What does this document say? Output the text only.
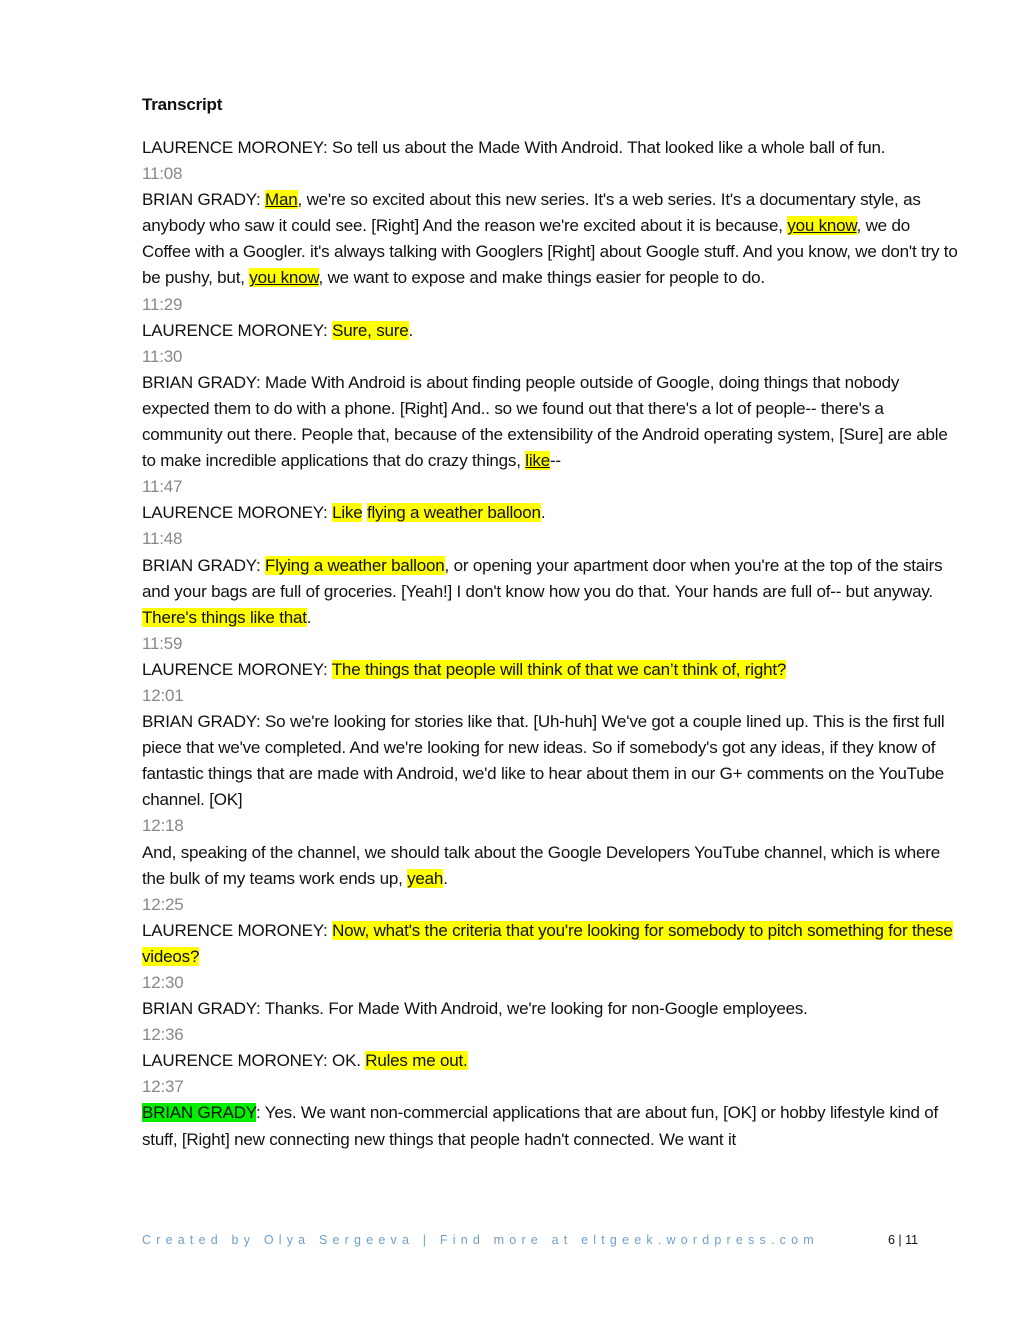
Transcript
LAURENCE MORONEY: So tell us about the Made With Android. That looked like a whole ball of fun.
11:08
BRIAN GRADY: Man, we're so excited about this new series. It's a web series. It's a documentary style, as anybody who saw it could see. [Right] And the reason we're excited about it is because, you know, we do Coffee with a Googler. it's always talking with Googlers [Right] about Google stuff. And you know, we don't try to be pushy, but, you know, we want to expose and make things easier for people to do.
11:29
LAURENCE MORONEY: Sure, sure.
11:30
BRIAN GRADY: Made With Android is about finding people outside of Google, doing things that nobody expected them to do with a phone. [Right] And.. so we found out that there's a lot of people-- there's a community out there. People that, because of the extensibility of the Android operating system, [Sure] are able to make incredible applications that do crazy things, like--
11:47
LAURENCE MORONEY: Like flying a weather balloon.
11:48
BRIAN GRADY: Flying a weather balloon, or opening your apartment door when you're at the top of the stairs and your bags are full of groceries. [Yeah!] I don't know how you do that. Your hands are full of-- but anyway. There's things like that.
11:59
LAURENCE MORONEY: The things that people will think of that we can’t think of, right?
12:01
BRIAN GRADY: So we're looking for stories like that. [Uh-huh] We've got a couple lined up. This is the first full piece that we've completed. And we're looking for new ideas. So if somebody's got any ideas, if they know of fantastic things that are made with Android, we'd like to hear about them in our G+ comments on the YouTube channel. [OK]
12:18
And, speaking of the channel, we should talk about the Google Developers YouTube channel, which is where the bulk of my teams work ends up, yeah.
12:25
LAURENCE MORONEY: Now, what's the criteria that you're looking for somebody to pitch something for these videos?
12:30
BRIAN GRADY: Thanks. For Made With Android, we're looking for non-Google employees.
12:36
LAURENCE MORONEY: OK. Rules me out.
12:37
BRIAN GRADY: Yes. We want non-commercial applications that are about fun, [OK] or hobby lifestyle kind of stuff, [Right] new connecting new things that people hadn't connected. We want it
Created by Olya Sergeeva | Find more at eltgeek.wordpress.com	6 | 11
